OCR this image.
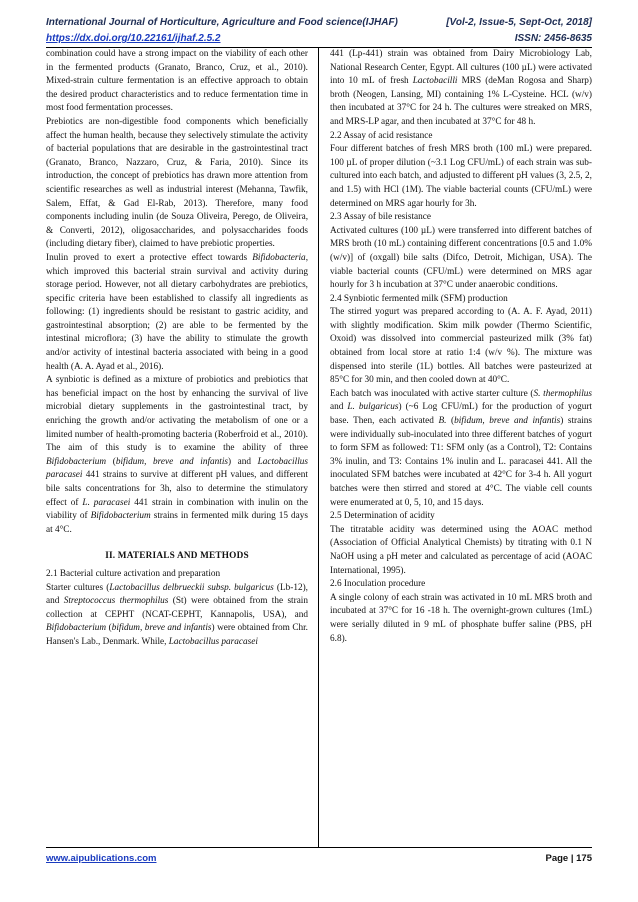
International Journal of Horticulture, Agriculture and Food science(IJHAF)	[Vol-2, Issue-5, Sept-Oct, 2018]
https://dx.doi.org/10.22161/ijhaf.2.5.2	ISSN: 2456-8635

combination could have a strong impact on the viability of each other in the fermented products (Granato, Branco, Cruz, et al., 2010). Mixed-strain culture fermentation is an effective approach to obtain the desired product characteristics and to reduce fermentation time in most food fermentation processes.

Prebiotics are non-digestible food components which beneficially affect the human health, because they selectively stimulate the activity of bacterial populations that are desirable in the gastrointestinal tract (Granato, Branco, Nazzaro, Cruz, & Faria, 2010). Since its introduction, the concept of prebiotics has drawn more attention from scientific researches as well as industrial interest (Mehanna, Tawfik, Salem, Effat, & Gad El-Rab, 2013). Therefore, many food components including inulin (de Souza Oliveira, Perego, de Oliveira, & Converti, 2012), oligosaccharides, and polysaccharides foods (including dietary fiber), claimed to have prebiotic properties.

Inulin proved to exert a protective effect towards Bifidobacteria, which improved this bacterial strain survival and activity during storage period. However, not all dietary carbohydrates are prebiotics, specific criteria have been established to classify all ingredients as following: (1) ingredients should be resistant to gastric acidity, and gastrointestinal absorption; (2) are able to be fermented by the intestinal microflora; (3) have the ability to stimulate the growth and/or activity of intestinal bacteria associated with being in a good health (A. A. Ayad et al., 2016).

A synbiotic is defined as a mixture of probiotics and prebiotics that has beneficial impact on the host by enhancing the survival of live microbial dietary supplements in the gastrointestinal tract, by enriching the growth and/or activating the metabolism of one or a limited number of health-promoting bacteria (Roberfroid et al., 2010). The aim of this study is to examine the ability of three Bifidobacterium (bifidum, breve and infantis) and Lactobacillus paracasei 441 strains to survive at different pH values, and different bile salts concentrations for 3h, also to determine the stimulatory effect of L. paracasei 441 strain in combination with inulin on the viability of Bifidobacterium strains in fermented milk during 15 days at 4°C.

II. MATERIALS AND METHODS

2.1 Bacterial culture activation and preparation

Starter cultures (Lactobacillus delbrueckii subsp. bulgaricus (Lb-12), and Streptococcus thermophilus (St) were obtained from the strain collection at CEPHT (NCAT-CEPHT, Kannapolis, USA), and Bifidobacterium (bifidum, breve and infantis) were obtained from Chr. Hansen's Lab., Denmark. While, Lactobacillus paracasei

441 (Lp-441) strain was obtained from Dairy Microbiology Lab, National Research Center, Egypt. All cultures (100 µL) were activated into 10 mL of fresh Lactobacilli MRS (deMan Rogosa and Sharp) broth (Neogen, Lansing, MI) containing 1% L-Cysteine. HCL (w/v) then incubated at 37°C for 24 h. The cultures were streaked on MRS, and MRS-LP agar, and then incubated at 37°C for 48 h.

2.2 Assay of acid resistance

Four different batches of fresh MRS broth (100 mL) were prepared. 100 µL of proper dilution (~3.1 Log CFU/mL) of each strain was sub-cultured into each batch, and adjusted to different pH values (3, 2.5, 2, and 1.5) with HCl (1M). The viable bacterial counts (CFU/mL) were determined on MRS agar hourly for 3h.

2.3 Assay of bile resistance

Activated cultures (100 µL) were transferred into different batches of MRS broth (10 mL) containing different concentrations [0.5 and 1.0% (w/v)] of (oxgall) bile salts (Difco, Detroit, Michigan, USA). The viable bacterial counts (CFU/mL) were determined on MRS agar hourly for 3 h incubation at 37°C under anaerobic conditions.

2.4 Synbiotic fermented milk (SFM) production

The stirred yogurt was prepared according to (A. A. F. Ayad, 2011) with slightly modification. Skim milk powder (Thermo Scientific, Oxoid) was dissolved into commercial pasteurized milk (3% fat) obtained from local store at ratio 1:4 (w/v %). The mixture was dispensed into sterile (1L) bottles. All batches were pasteurized at 85°C for 30 min, and then cooled down at 40°C.

Each batch was inoculated with active starter culture (S. thermophilus and L. bulgaricus) (~6 Log CFU/mL) for the production of yogurt base. Then, each activated B. (bifidum, breve and infantis) strains were individually sub-inoculated into three different batches of yogurt to form SFM as followed: T1: SFM only (as a Control), T2: Contains 3% inulin, and T3: Contains 1% inulin and L. paracasei 441. All the inoculated SFM batches were incubated at 42°C for 3-4 h. All yogurt batches were then stirred and stored at 4°C. The viable cell counts were enumerated at 0, 5, 10, and 15 days.

2.5 Determination of acidity

The titratable acidity was determined using the AOAC method (Association of Official Analytical Chemists) by titrating with 0.1 N NaOH using a pH meter and calculated as percentage of acid (AOAC International, 1995).

2.6 Inoculation procedure

A single colony of each strain was activated in 10 mL MRS broth and incubated at 37°C for 16 -18 h. The overnight-grown cultures (1mL) were serially diluted in 9 mL of phosphate buffer saline (PBS, pH 6.8).

www.aipublications.com	Page | 175
